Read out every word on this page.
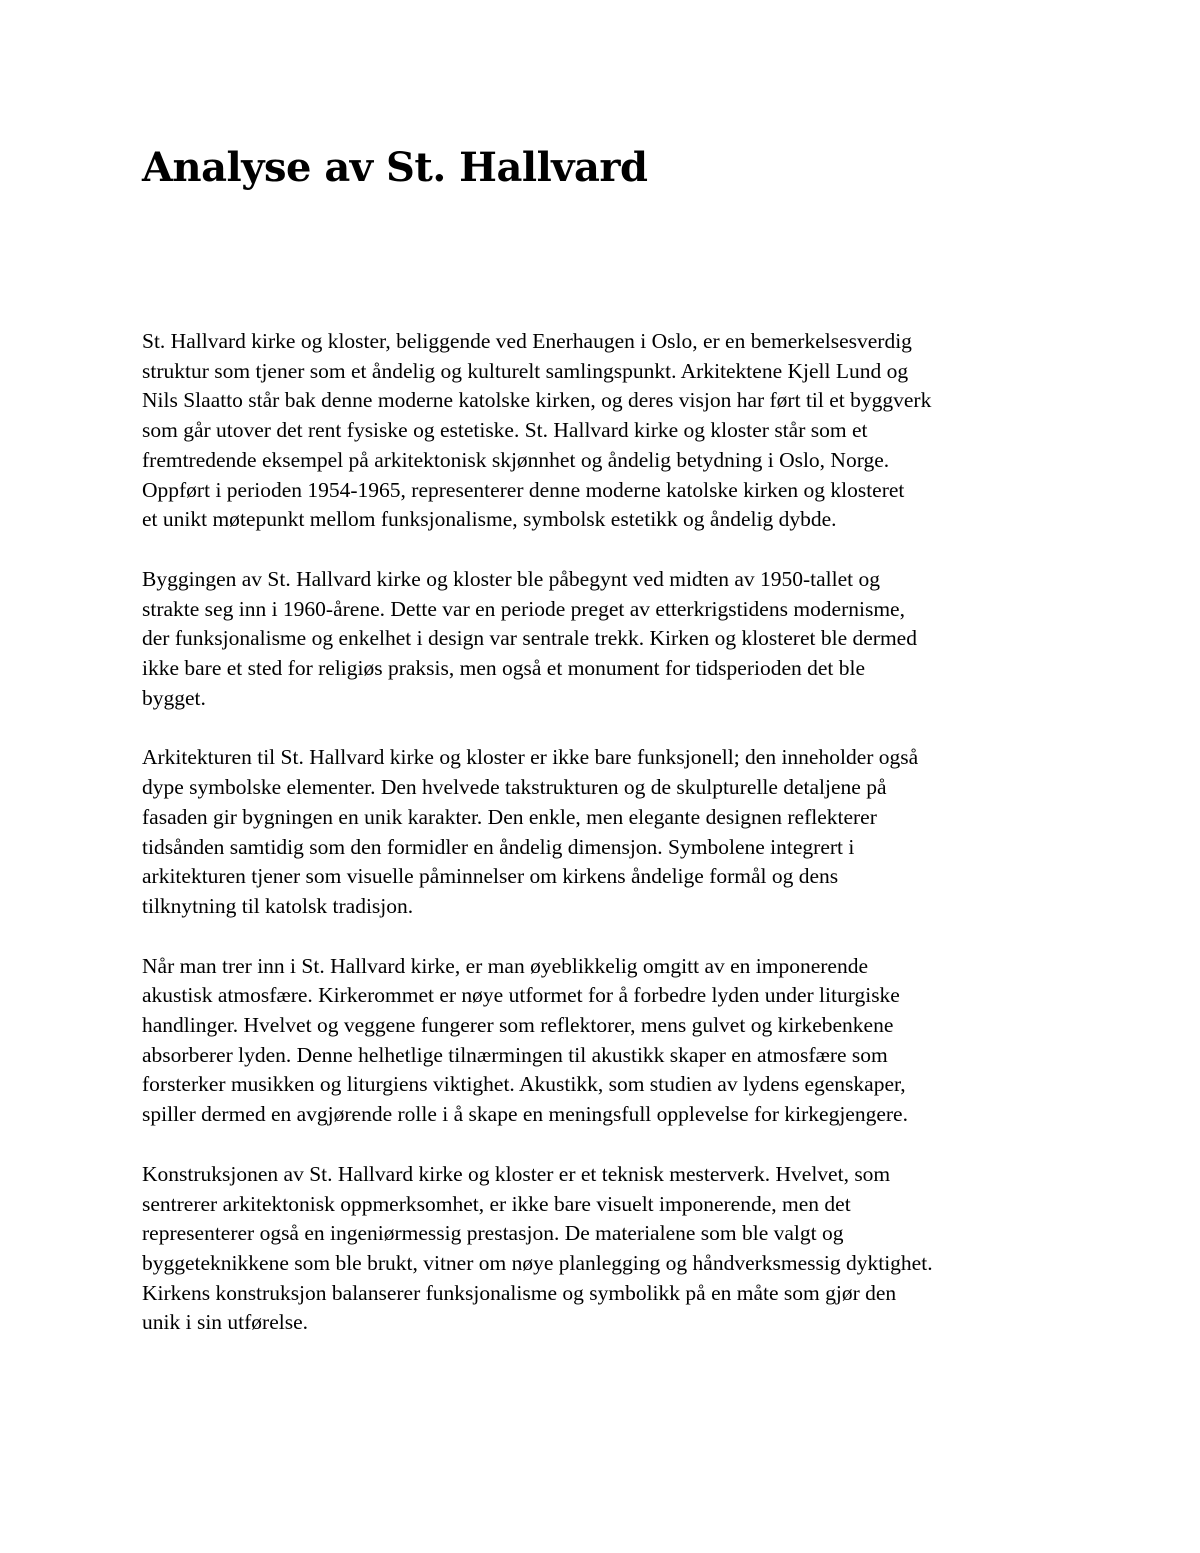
Analyse av St. Hallvard

St. Hallvard kirke og kloster, beliggende ved Enerhaugen i Oslo, er en bemerkelsesverdig
struktur som tjener som et åndelig og kulturelt samlingspunkt. Arkitektene Kjell Lund og
Nils Slaatto står bak denne moderne katolske kirken, og deres visjon har ført til et byggverk
som går utover det rent fysiske og estetiske. St. Hallvard kirke og kloster står som et
fremtredende eksempel på arkitektonisk skjønnhet og åndelig betydning i Oslo, Norge.
Oppført i perioden 1954-1965, representerer denne moderne katolske kirken og klosteret
et unikt møtepunkt mellom funksjonalisme, symbolsk estetikk og åndelig dybde.

Byggingen av St. Hallvard kirke og kloster ble påbegynt ved midten av 1950-tallet og
strakte seg inn i 1960-årene. Dette var en periode preget av etterkrigstidens modernisme,
der funksjonalisme og enkelhet i design var sentrale trekk. Kirken og klosteret ble dermed
ikke bare et sted for religiøs praksis, men også et monument for tidsperioden det ble
bygget.

Arkitekturen til St. Hallvard kirke og kloster er ikke bare funksjonell; den inneholder også
dype symbolske elementer. Den hvelvede takstrukturen og de skulpturelle detaljene på
fasaden gir bygningen en unik karakter. Den enkle, men elegante designen reflekterer
tidsånden samtidig som den formidler en åndelig dimensjon. Symbolene integrert i
arkitekturen tjener som visuelle påminnelser om kirkens åndelige formål og dens
tilknytning til katolsk tradisjon.

Når man trer inn i St. Hallvard kirke, er man øyeblikkelig omgitt av en imponerende
akustisk atmosfære. Kirkerommet er nøye utformet for å forbedre lyden under liturgiske
handlinger. Hvelvet og veggene fungerer som reflektorer, mens gulvet og kirkebenkene
absorberer lyden. Denne helhetlige tilnærmingen til akustikk skaper en atmosfære som
forsterker musikken og liturgiens viktighet. Akustikk, som studien av lydens egenskaper,
spiller dermed en avgjørende rolle i å skape en meningsfull opplevelse for kirkegjengere.

Konstruksjonen av St. Hallvard kirke og kloster er et teknisk mesterverk. Hvelvet, som
sentrerer arkitektonisk oppmerksomhet, er ikke bare visuelt imponerende, men det
representerer også en ingeniørmessig prestasjon. De materialene som ble valgt og
byggeteknikkene som ble brukt, vitner om nøye planlegging og håndverksmessig dyktighet.
Kirkens konstruksjon balanserer funksjonalisme og symbolikk på en måte som gjør den
unik i sin utførelse.
